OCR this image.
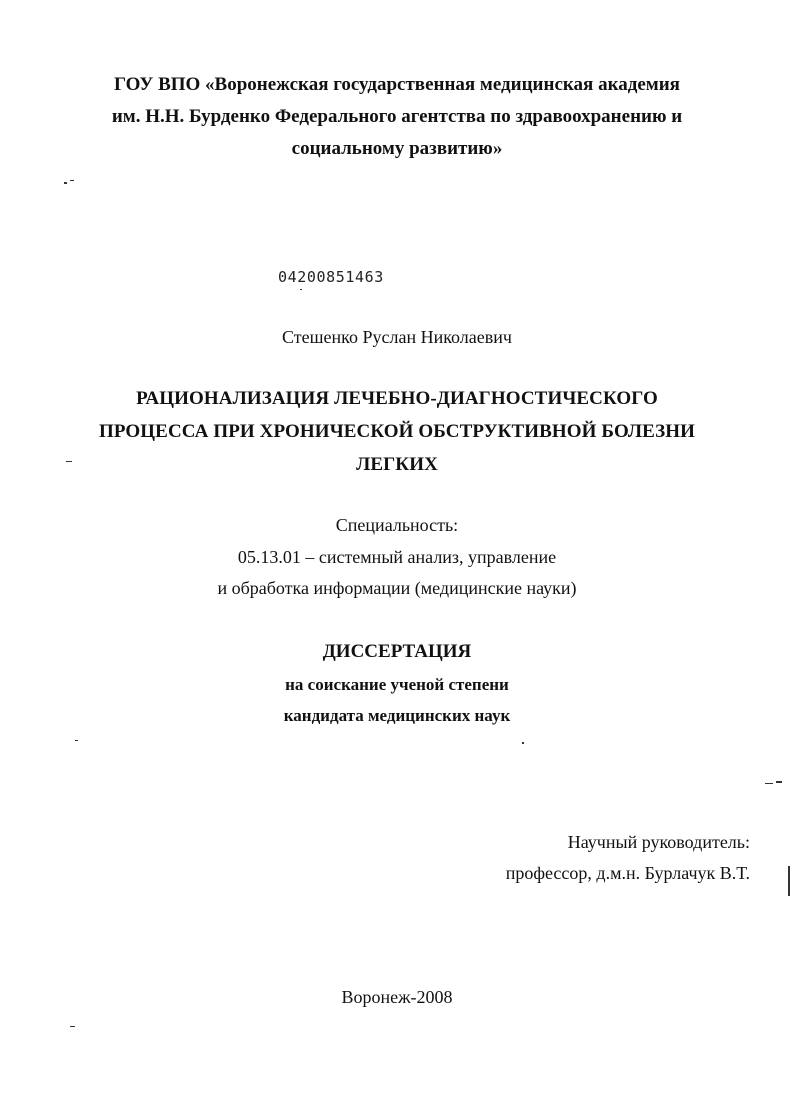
ГОУ ВПО «Воронежская государственная медицинская академия
им. Н.Н. Бурденко Федерального агентства по здравоохранению и
социальному развитию»
04200851463
Стешенко Руслан Николаевич
РАЦИОНАЛИЗАЦИЯ ЛЕЧЕБНО-ДИАГНОСТИЧЕСКОГО
ПРОЦЕССА ПРИ ХРОНИЧЕСКОЙ ОБСТРУКТИВНОЙ БОЛЕЗНИ
ЛЕГКИХ
Специальность:
05.13.01 – системный анализ, управление
и обработка информации (медицинские науки)
ДИССЕРТАЦИЯ
на соискание ученой степени
кандидата медицинских наук
Научный руководитель:
профессор, д.м.н. Бурлачук В.Т.
Воронеж-2008
